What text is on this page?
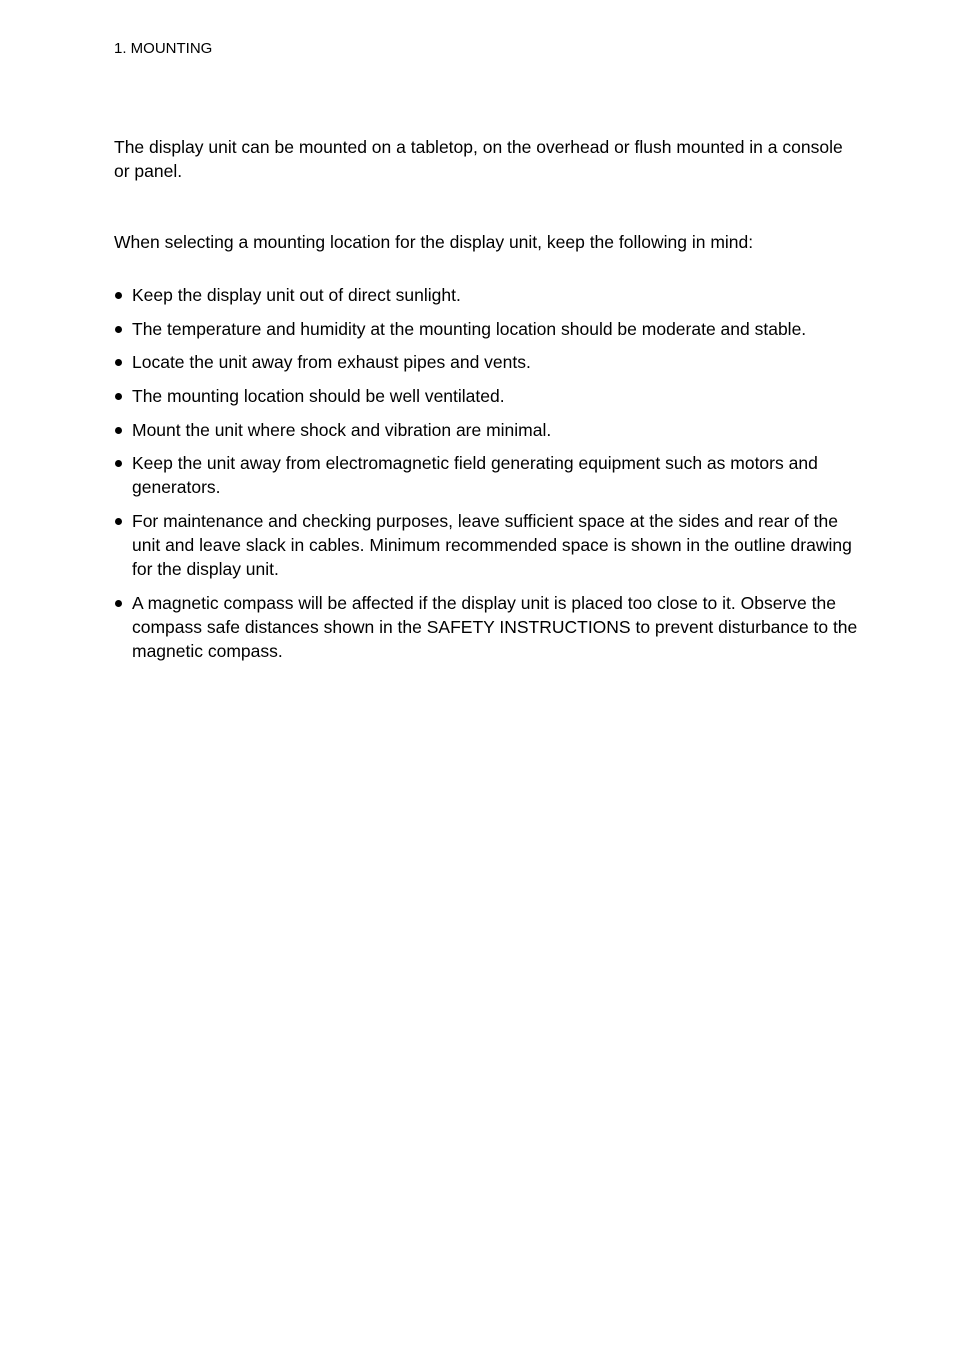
1. MOUNTING

The display unit can be mounted on a tabletop, on the overhead or flush mounted in a console or panel.

When selecting a mounting location for the display unit, keep the following in mind:

Keep the display unit out of direct sunlight.
The temperature and humidity at the mounting location should be moderate and stable.
Locate the unit away from exhaust pipes and vents.
The mounting location should be well ventilated.
Mount the unit where shock and vibration are minimal.
Keep the unit away from electromagnetic field generating equipment such as motors and generators.
For maintenance and checking purposes, leave sufficient space at the sides and rear of the unit and leave slack in cables. Minimum recommended space is shown in the outline drawing for the display unit.
A magnetic compass will be affected if the display unit is placed too close to it. Observe the compass safe distances shown in the SAFETY INSTRUCTIONS to prevent disturbance to the magnetic compass.
